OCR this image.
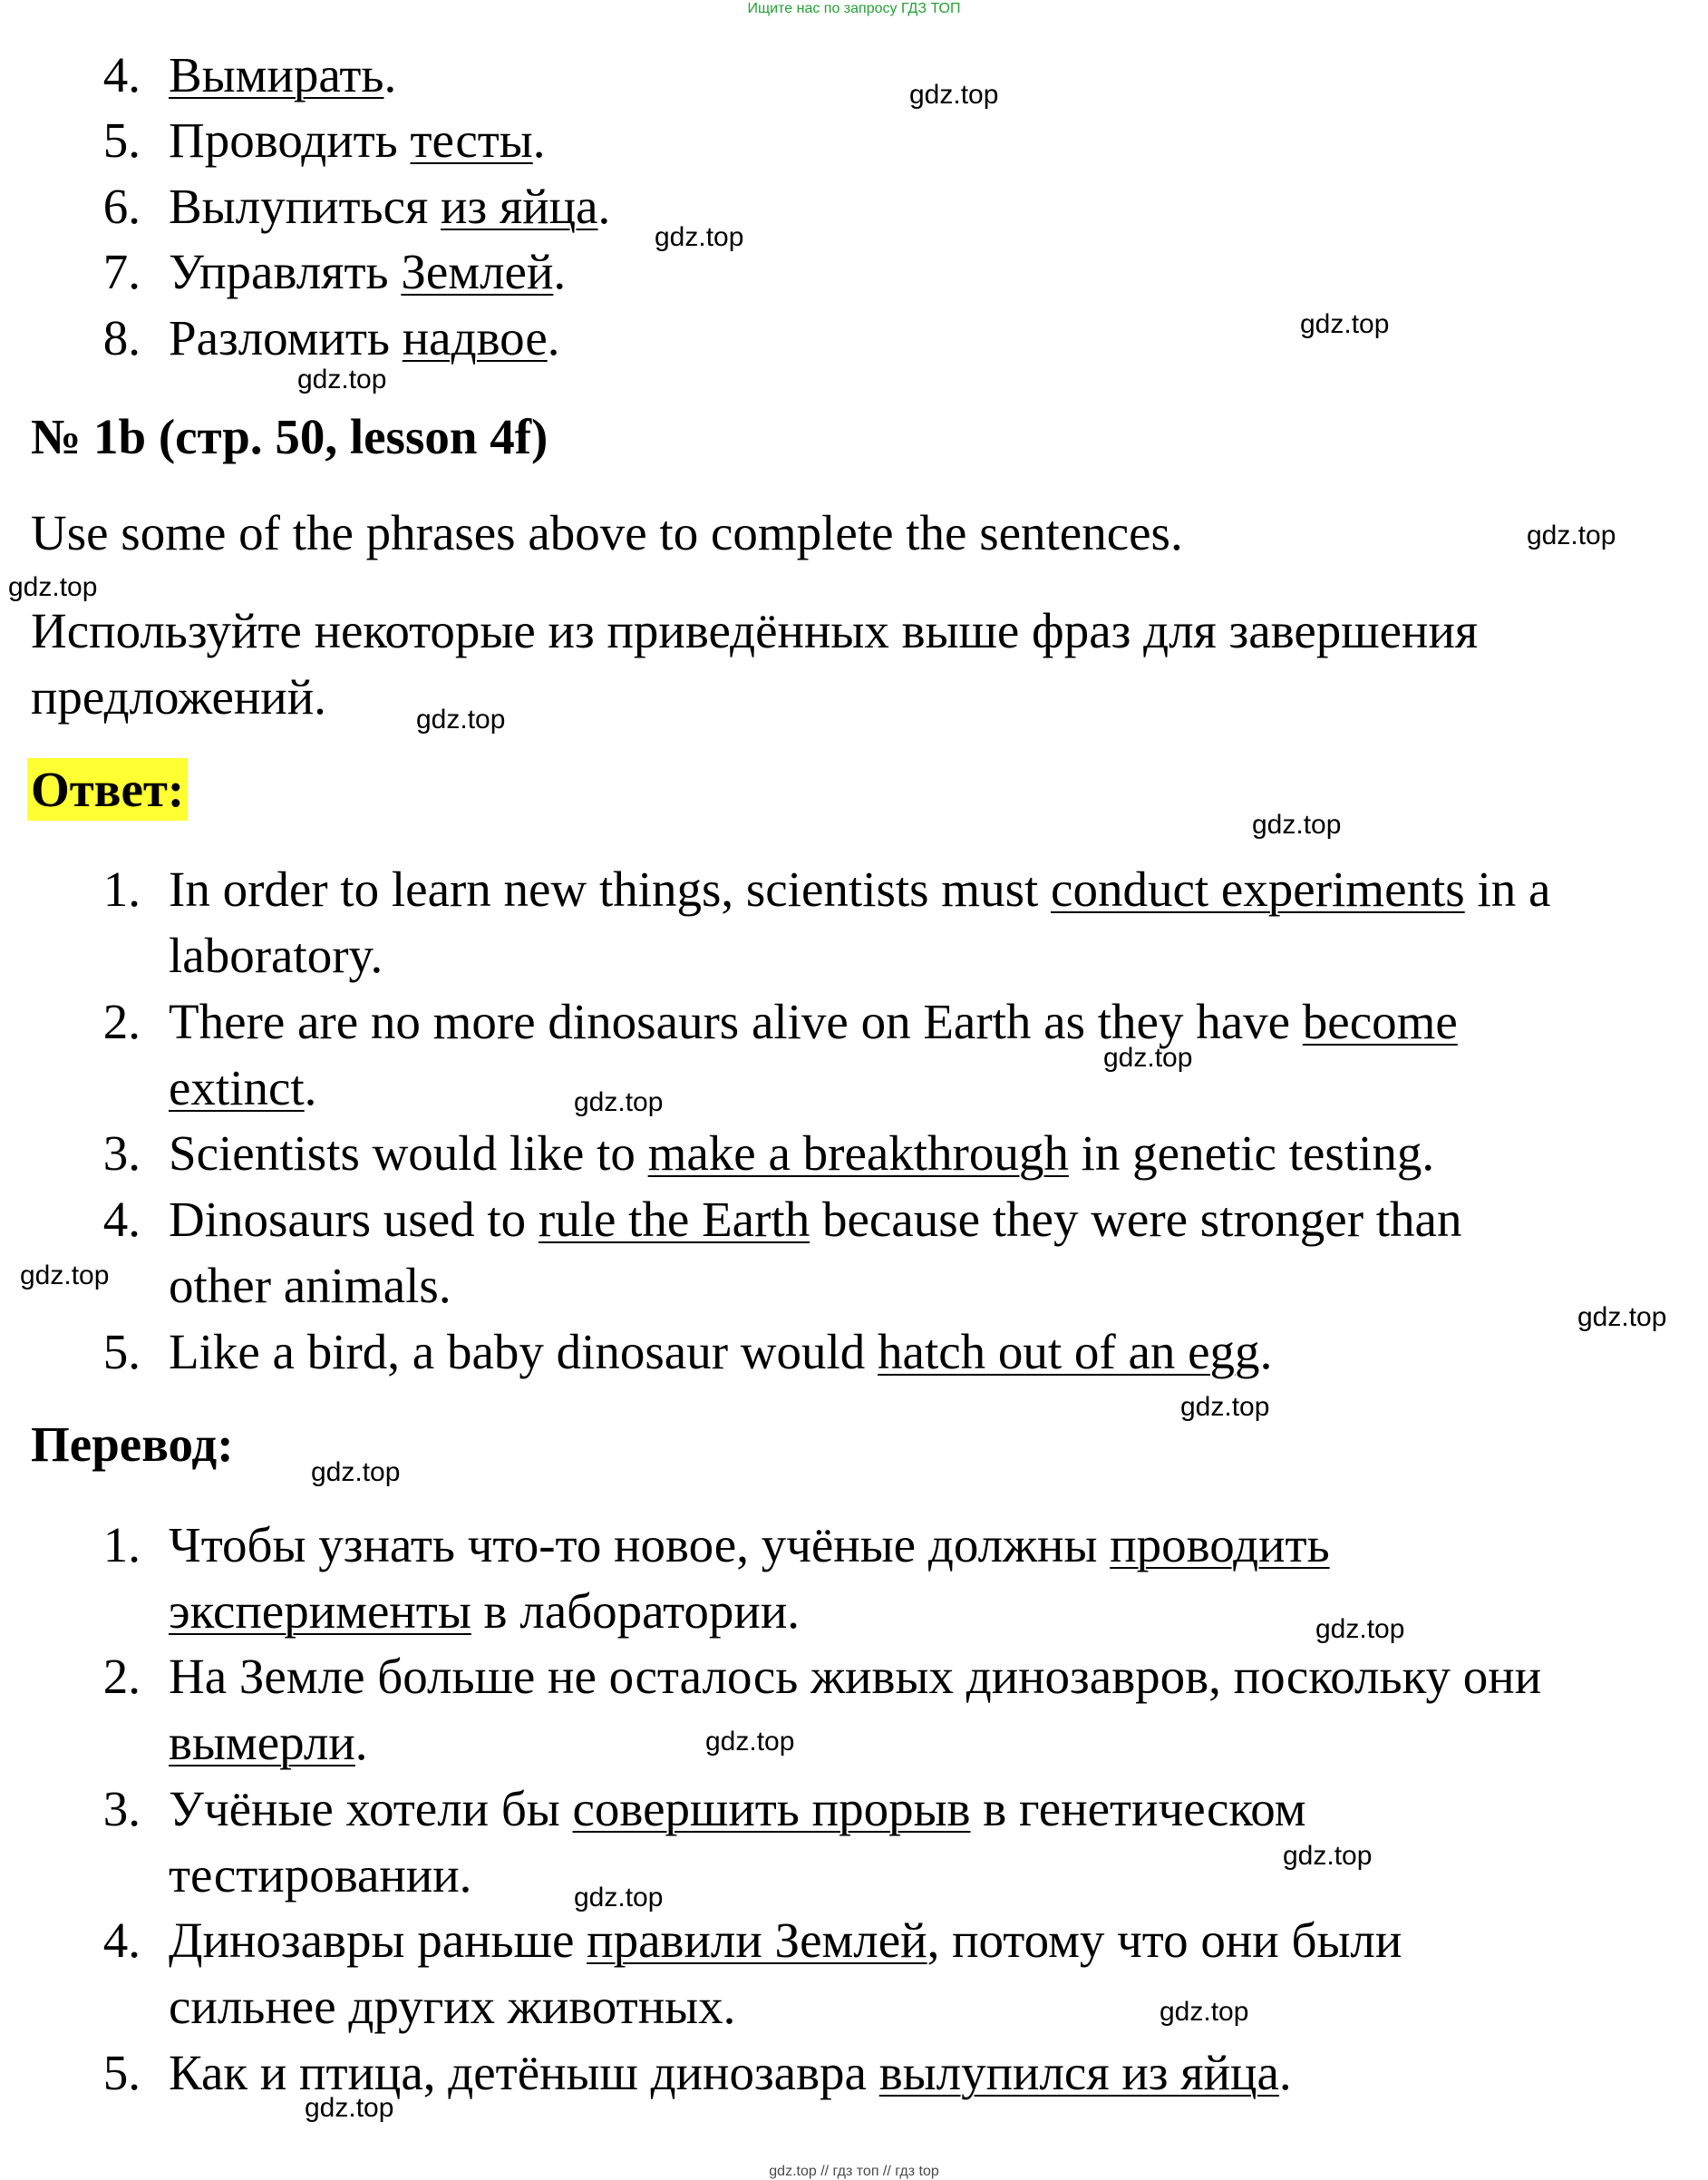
Ищите нас по запросу ГДЗ ТОП
4. Вымирать.
5. Проводить тесты.
6. Вылупиться из яйца.
7. Управлять Землей.
8. Разломить надвое.
№ 1b (стр. 50, lesson 4f)
Use some of the phrases above to complete the sentences.
Используйте некоторые из приведённых выше фраз для завершения
предложений.
Ответ:
1. In order to learn new things, scientists must conduct experiments in a
laboratory.
2. There are no more dinosaurs alive on Earth as they have become
extinct.
3. Scientists would like to make a breakthrough in genetic testing.
4. Dinosaurs used to rule the Earth because they were stronger than
other animals.
5. Like a bird, a baby dinosaur would hatch out of an egg.
Перевод:
1. Чтобы узнать что-то новое, учёные должны проводить
эксперименты в лаборатории.
2. На Земле больше не осталось живых динозавров, поскольку они
вымерли.
3. Учёные хотели бы совершить прорыв в генетическом
тестировании.
4. Динозавры раньше правили Землей, потому что они были
сильнее других животных.
5. Как и птица, детёныш динозавра вылупился из яйца.
gdz.top
gdz.top
gdz.top
gdz.top
gdz.top
gdz.top
gdz.top
gdz.top
gdz.top
gdz.top
gdz.top
gdz.top
gdz.top
gdz.top
gdz.top
gdz.top
gdz.top
gdz.top
gdz.top
gdz.top
gdz.top // гдз топ // гдз top
